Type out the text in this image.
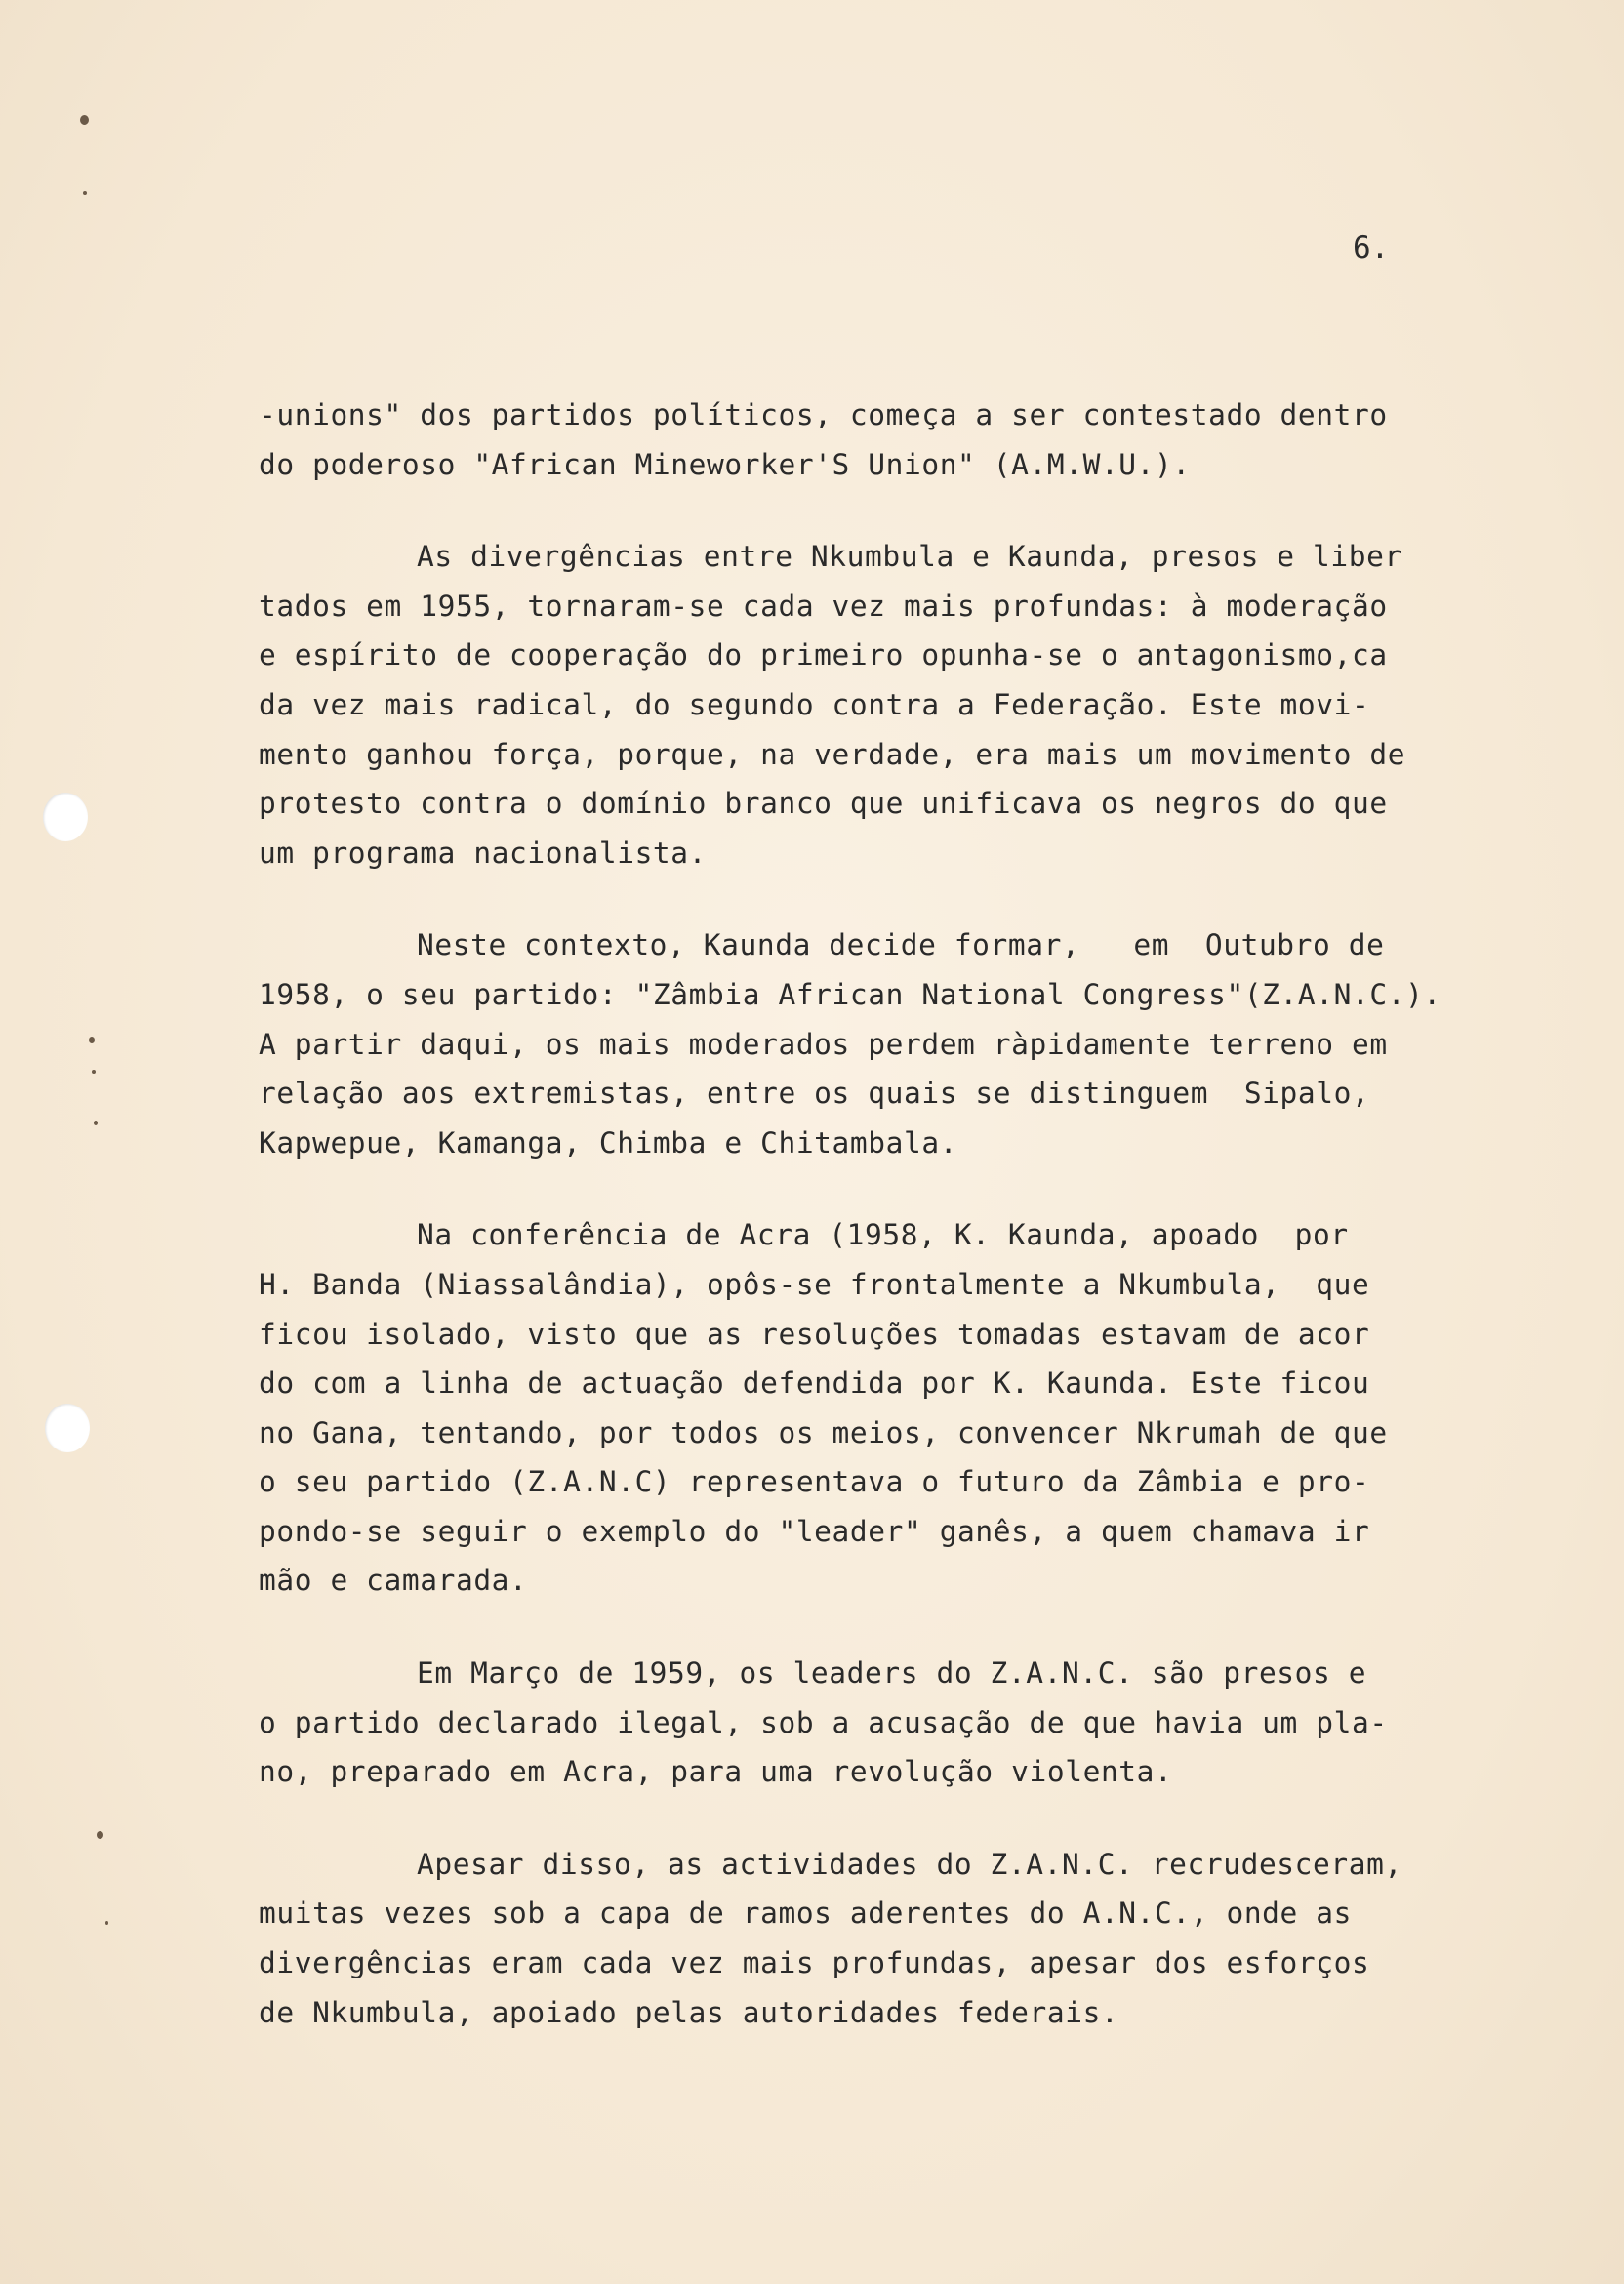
6.
-unions" dos partidos políticos, começa a ser contestado dentro
do poderoso "African Mineworker'S Union" (A.M.W.U.).
As divergências entre Nkumbula e Kaunda, presos e liber
tados em 1955, tornaram-se cada vez mais profundas: à moderação
e espírito de cooperação do primeiro opunha-se o antagonismo,ca
da vez mais radical, do segundo contra a Federação. Este movi-
mento ganhou força, porque, na verdade, era mais um movimento de
protesto contra o domínio branco que unificava os negros do que
um programa nacionalista.
Neste contexto, Kaunda decide formar,   em  Outubro de
1958, o seu partido: "Zâmbia African National Congress"(Z.A.N.C.).
A partir daqui, os mais moderados perdem ràpidamente terreno em
relação aos extremistas, entre os quais se distinguem  Sipalo,
Kapwepue, Kamanga, Chimba e Chitambala.
Na conferência de Acra (1958, K. Kaunda, apoado  por
H. Banda (Niassalândia), opôs-se frontalmente a Nkumbula,  que
ficou isolado, visto que as resoluções tomadas estavam de acor
do com a linha de actuação defendida por K. Kaunda. Este ficou
no Gana, tentando, por todos os meios, convencer Nkrumah de que
o seu partido (Z.A.N.C) representava o futuro da Zâmbia e pro-
pondo-se seguir o exemplo do "leader" ganês, a quem chamava ir
mão e camarada.
Em Março de 1959, os leaders do Z.A.N.C. são presos e
o partido declarado ilegal, sob a acusação de que havia um pla-
no, preparado em Acra, para uma revolução violenta.
Apesar disso, as actividades do Z.A.N.C. recrudesceram,
muitas vezes sob a capa de ramos aderentes do A.N.C., onde as
divergências eram cada vez mais profundas, apesar dos esforços
de Nkumbula, apoiado pelas autoridades federais.
